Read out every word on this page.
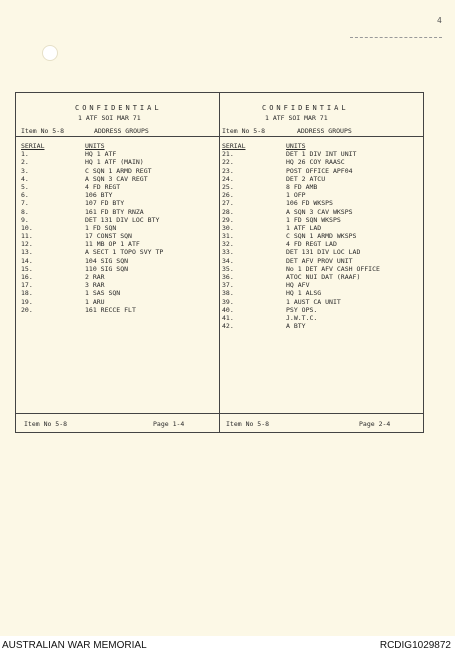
4
CONFIDENTIAL
1 ATF SOI MAR 71
Item No 5-8	ADDRESS GROUPS
CONFIDENTIAL
1 ATF SOI MAR 71
Item No 5-8	ADDRESS GROUPS
SERIAL	UNITS
1.	HQ 1 ATF
2.	HQ 1 ATF (MAIN)
3.	C SQN 1 ARMD REGT
4.	A SQN 3 CAV REGT
5.	4 FD REGT
6.	106 BTY
7.	107 FD BTY
8.	161 FD BTY RNZA
9.	DET 131 DIV LOC BTY
10.	1 FD SQN
11.	17 CONST SQN
12.	11 MB OP 1 ATF
13.	A SECT 1 TOPO SVY TP
14.	104 SIG SQN
15.	110 SIG SQN
16.	2 RAR
17.	3 RAR
18.	1 SAS SQN
19.	1 ARU
20.	161 RECCE FLT
SERIAL	UNITS
21.	DET 1 DIV INT UNIT
22.	HQ 26 COY RAASC
23.	POST OFFICE APF04
24.	DET 2 ATCU
25.	8 FD AMB
26.	1 OFP
27.	106 FD WKSPS
28.	A SQN 3 CAV WKSPS
29.	1 FD SQN WKSPS
30.	1 ATF LAD
31.	C SQN 1 ARMD WKSPS
32.	4 FD REGT LAD
33.	DET 131 DIV LOC LAD
34.	DET AFV PROV UNIT
35.	No 1 DET AFV CASH OFFICE
36.	ATOC NUI DAT (RAAF)
37.	HQ AFV
38.	HQ 1 ALSG
39.	1 AUST CA UNIT
40.	PSY OPS.
41.	J.W.T.C.
42.	A BTY
Item No 5-8	Page 1-4	Item No 5-8	Page 2-4
AUSTRALIAN WAR MEMORIAL	RCDIG1029872
